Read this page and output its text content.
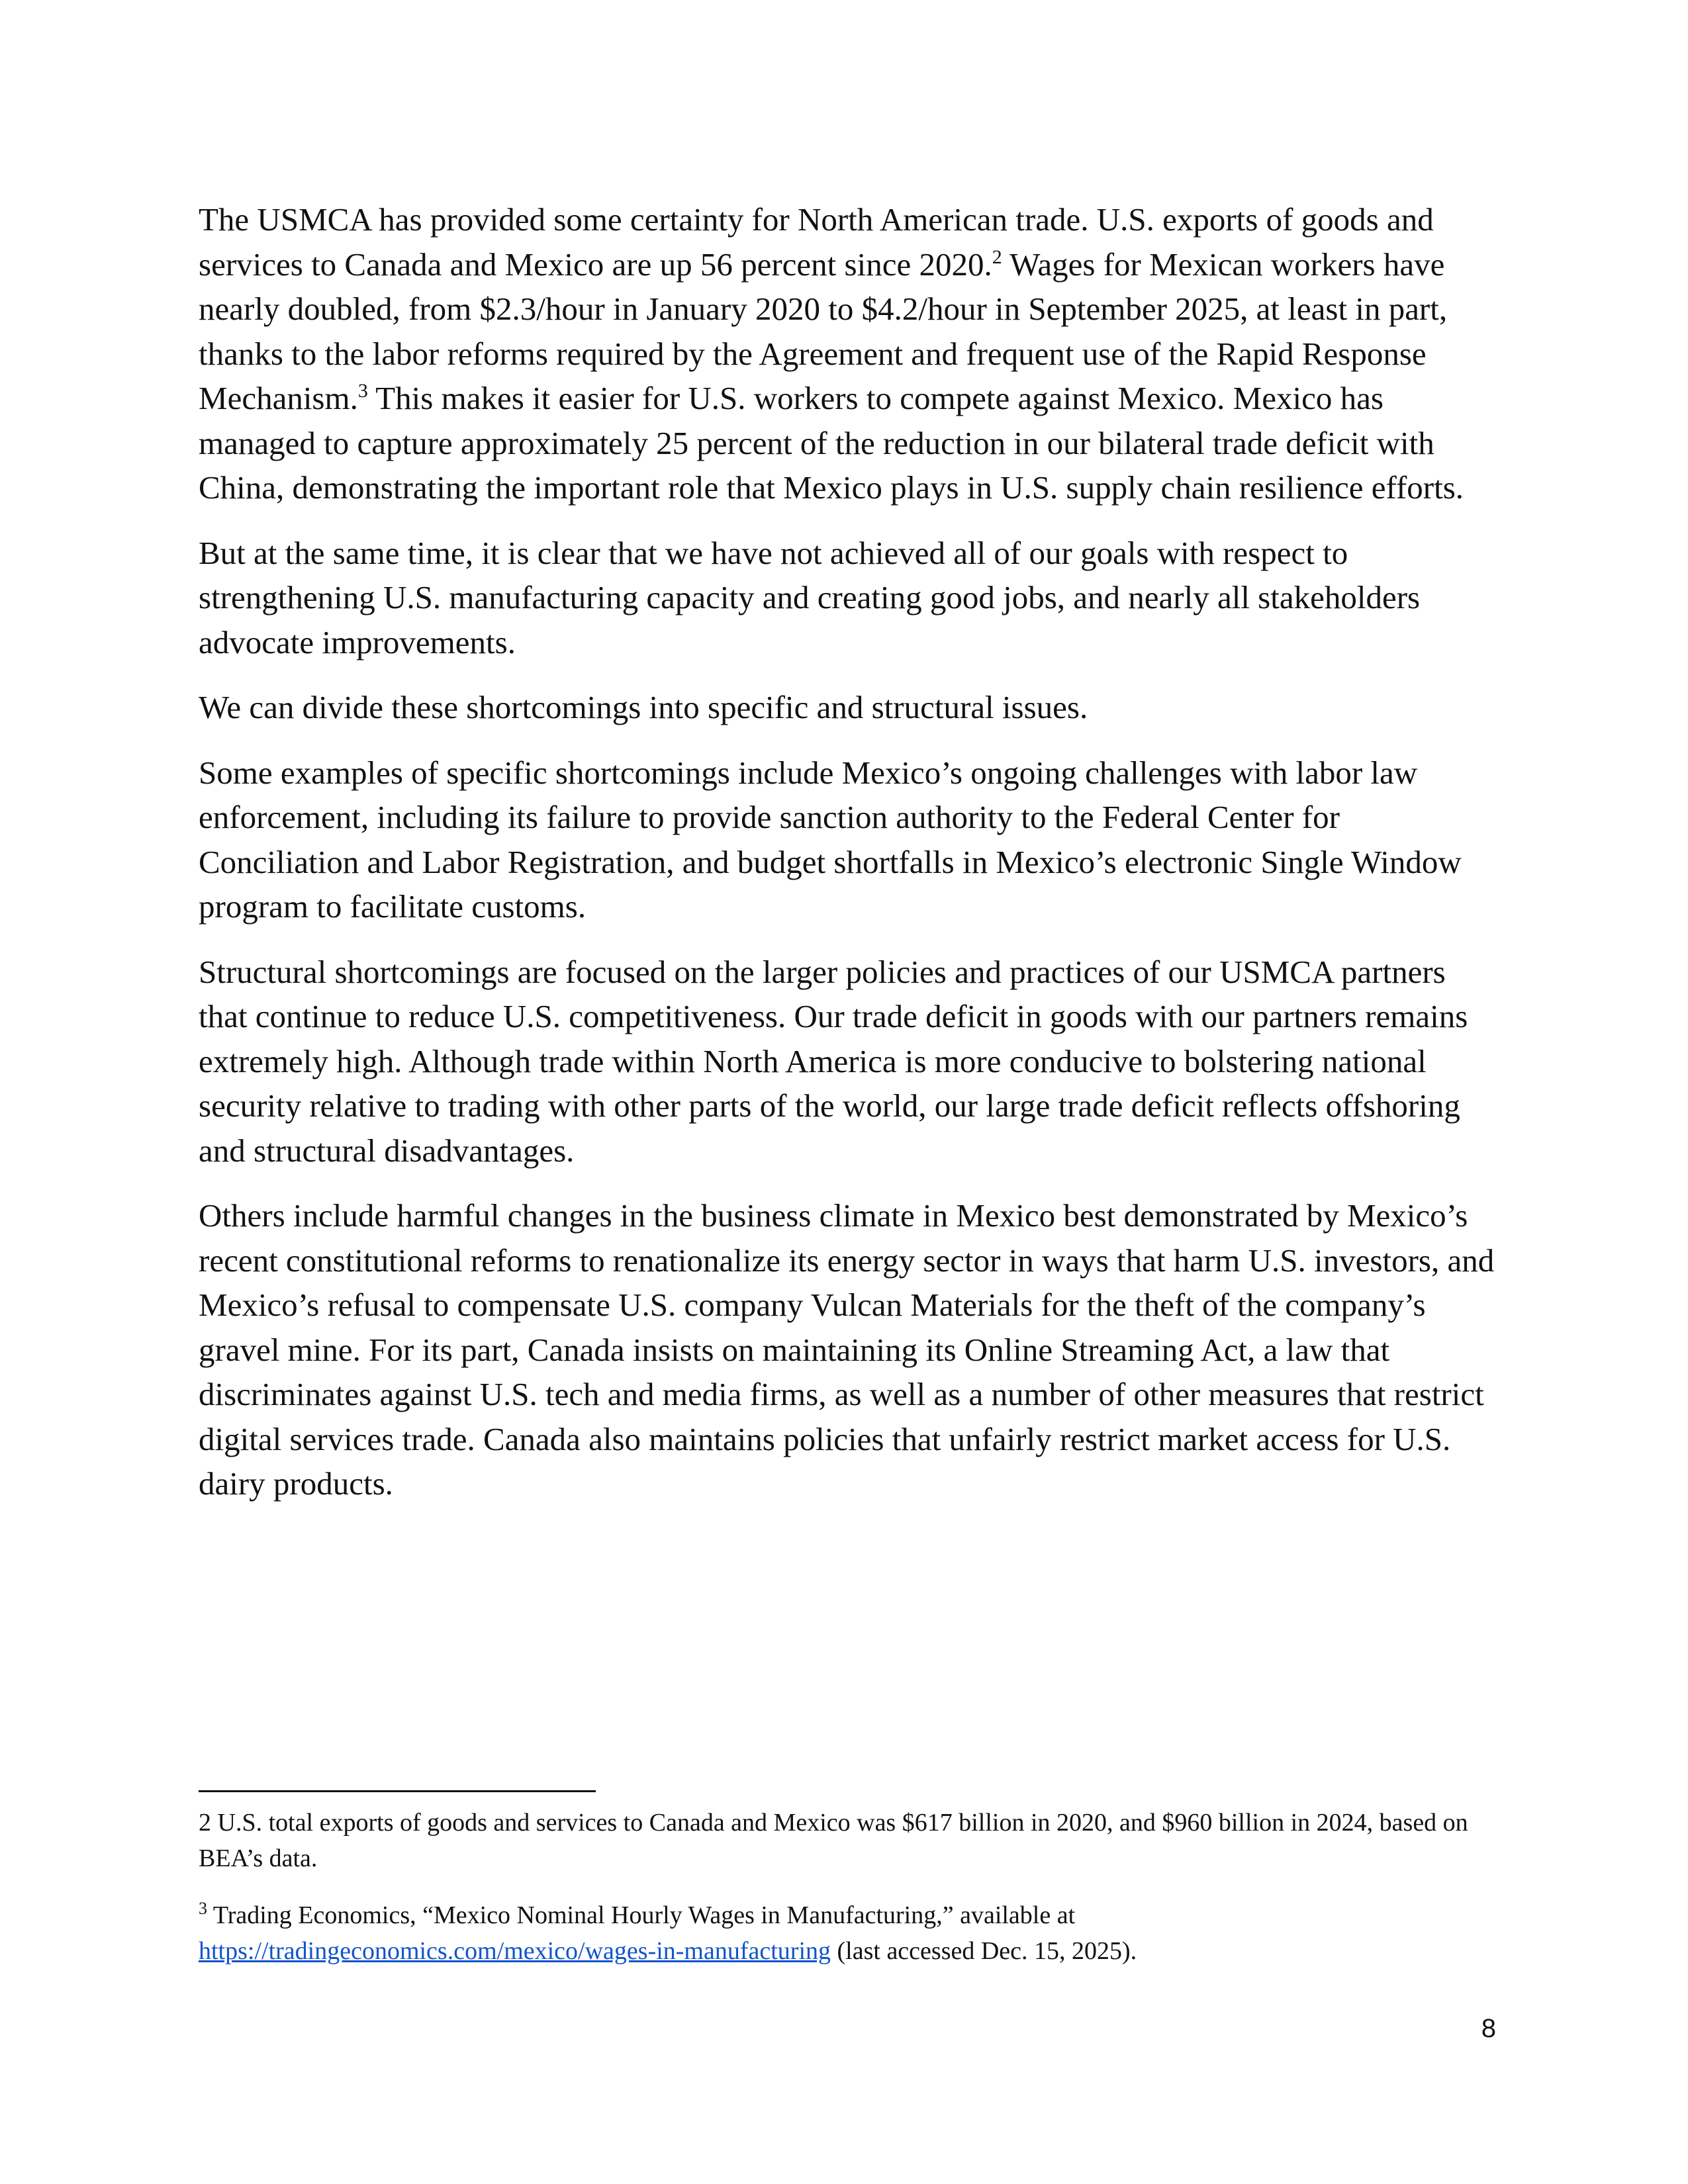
The USMCA has provided some certainty for North American trade. U.S. exports of goods and services to Canada and Mexico are up 56 percent since 2020.$^2$ Wages for Mexican workers have nearly doubled, from $2.3/hour in January 2020 to $4.2/hour in September 2025, at least in part, thanks to the labor reforms required by the Agreement and frequent use of the Rapid Response Mechanism.$^3$ This makes it easier for U.S. workers to compete against Mexico. Mexico has managed to capture approximately 25 percent of the reduction in our bilateral trade deficit with China, demonstrating the important role that Mexico plays in U.S. supply chain resilience efforts.

But at the same time, it is clear that we have not achieved all of our goals with respect to strengthening U.S. manufacturing capacity and creating good jobs, and nearly all stakeholders advocate improvements.

We can divide these shortcomings into specific and structural issues.

Some examples of specific shortcomings include Mexico’s ongoing challenges with labor law enforcement, including its failure to provide sanction authority to the Federal Center for Conciliation and Labor Registration, and budget shortfalls in Mexico’s electronic Single Window program to facilitate customs.

Structural shortcomings are focused on the larger policies and practices of our USMCA partners that continue to reduce U.S. competitiveness. Our trade deficit in goods with our partners remains extremely high. Although trade within North America is more conducive to bolstering national security relative to trading with other parts of the world, our large trade deficit reflects offshoring and structural disadvantages.

Others include harmful changes in the business climate in Mexico best demonstrated by Mexico’s recent constitutional reforms to renationalize its energy sector in ways that harm U.S. investors, and Mexico’s refusal to compensate U.S. company Vulcan Materials for the theft of the company’s gravel mine. For its part, Canada insists on maintaining its Online Streaming Act, a law that discriminates against U.S. tech and media firms, as well as a number of other measures that restrict digital services trade. Canada also maintains policies that unfairly restrict market access for U.S. dairy products.

2 U.S. total exports of goods and services to Canada and Mexico was $617 billion in 2020, and $960 billion in 2024, based on BEA’s data.

$^3$ Trading Economics, “Mexico Nominal Hourly Wages in Manufacturing,” available at https://tradingeconomics.com/mexico/wages-in-manufacturing (last accessed Dec. 15, 2025).

8
